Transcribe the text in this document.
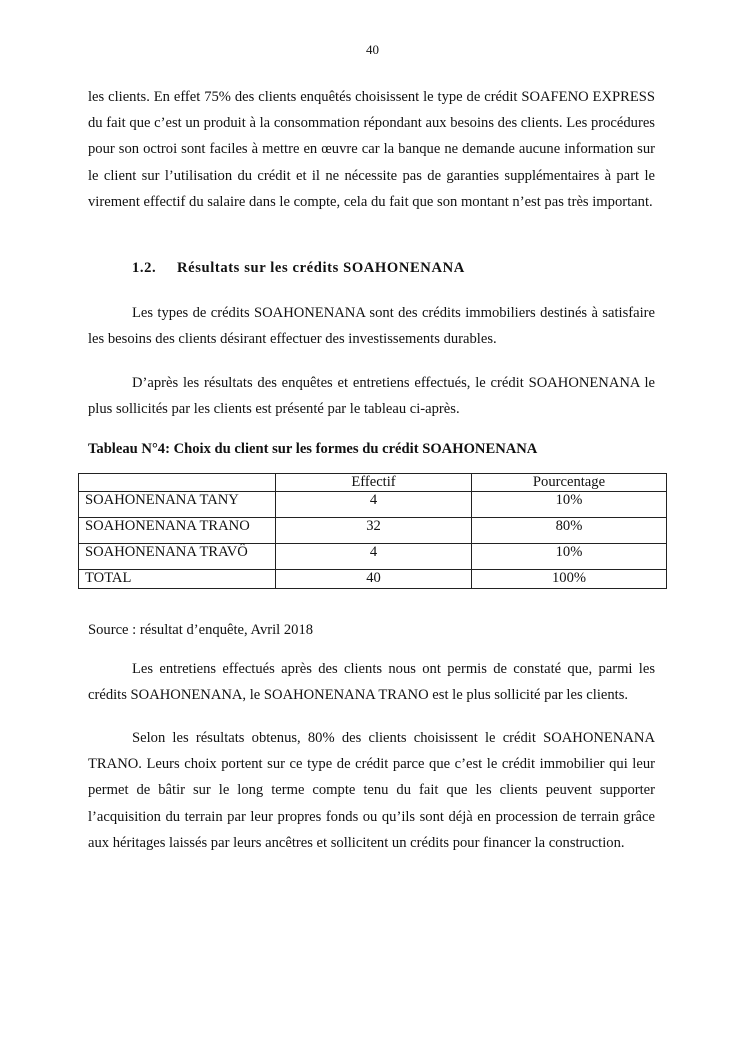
40

les clients. En effet 75% des clients enquêtés choisissent le type de crédit SOAFENO EXPRESS du fait que c’est un produit à la consommation répondant aux besoins des clients. Les procédures pour son octroi sont faciles à mettre en œuvre car la banque ne demande aucune information sur le client sur l’utilisation du crédit et il ne nécessite pas de garanties supplémentaires à part le virement effectif du salaire dans le compte, cela du fait que son montant n’est pas très important.

1.2. Résultats sur les crédits SOAHONENANA

Les types de crédits SOAHONENANA sont des crédits immobiliers destinés à satisfaire les besoins des clients désirant effectuer des investissements durables.

D’après les résultats des enquêtes et entretiens effectués, le crédit SOAHONENANA le plus sollicités par les clients est présenté par le tableau ci-après.

Tableau N°4: Choix du client sur les formes du crédit SOAHONENANA

	Effectif	Pourcentage
SOAHONENANA TANY	4	10%
SOAHONENANA TRANO	32	80%
SOAHONENANA TRAVÔ	4	10%
TOTAL	40	100%

Source : résultat d’enquête, Avril 2018

Les entretiens effectués après des clients nous ont permis de constaté que, parmi les crédits SOAHONENANA, le SOAHONENANA TRANO est le plus sollicité par les clients.

Selon les résultats obtenus, 80% des clients choisissent le crédit SOAHONENANA TRANO. Leurs choix portent sur ce type de crédit parce que c’est le crédit immobilier qui leur permet de bâtir sur le long terme compte tenu du fait que les clients peuvent supporter l’acquisition du terrain par leur propres fonds ou qu’ils sont déjà en procession de terrain grâce aux héritages laissés par leurs ancêtres et sollicitent un crédits pour financer la construction.
